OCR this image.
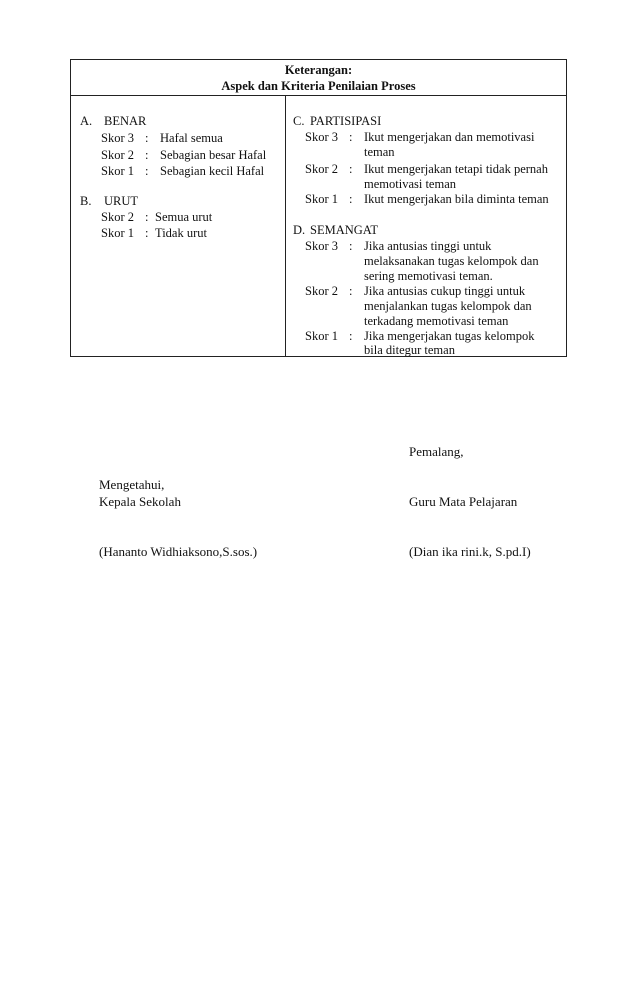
Keterangan:
Aspek dan Kriteria Penilaian Proses
A. BENAR
Skor 3 : Hafal semua
Skor 2 : Sebagian besar Hafal
Skor 1 : Sebagian kecil Hafal
B. URUT
Skor 2 : Semua urut
Skor 1 : Tidak urut
C. PARTISIPASI
Skor 3 : Ikut mengerjakan dan memotivasi
teman
Skor 2 : Ikut mengerjakan tetapi tidak pernah
memotivasi teman
Skor 1 : Ikut mengerjakan bila diminta teman
D. SEMANGAT
Skor 3 : Jika antusias tinggi untuk
melaksanakan tugas kelompok dan
sering memotivasi teman.
Skor 2 : Jika antusias cukup tinggi untuk
menjalankan tugas kelompok dan
terkadang memotivasi teman
Skor 1 : Jika mengerjakan tugas kelompok
bila ditegur teman
Pemalang,
Mengetahui,
Kepala Sekolah	Guru Mata Pelajaran
(Hananto Widhiaksono,S.sos.)	(Dian ika rini.k, S.pd.I)
